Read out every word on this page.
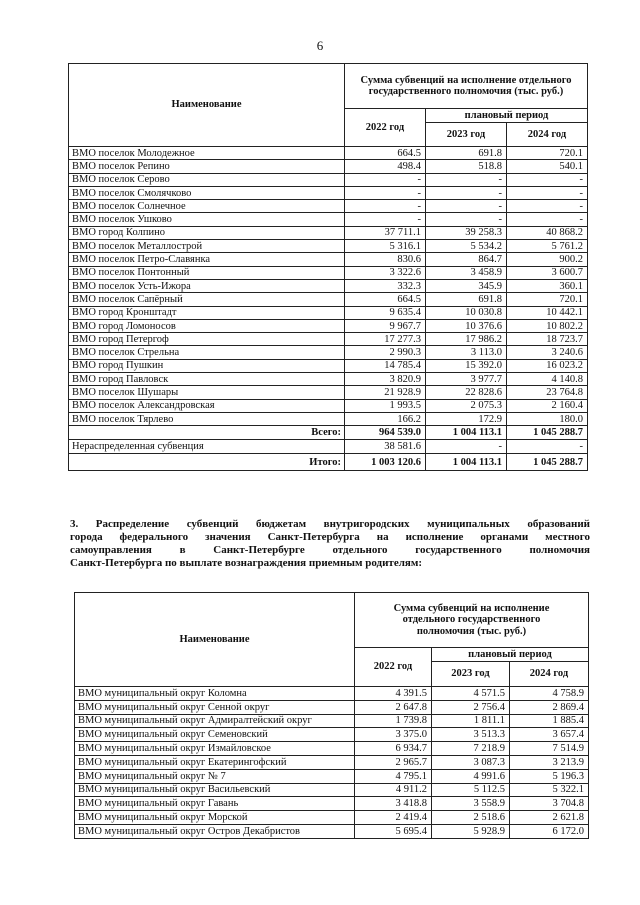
6
Наименование	Сумма субвенций на исполнение отдельного государственного полномочия (тыс. руб.)		
	2022 год	плановый период	
		2023 год	2024 год
ВМО поселок Молодежное	664.5	691.8	720.1
ВМО поселок Репино	498.4	518.8	540.1
ВМО поселок Серово	-	-	-
ВМО поселок Смолячково	-	-	-
ВМО поселок Солнечное	-	-	-
ВМО поселок Ушково	-	-	-
ВМО город Колпино	37 711.1	39 258.3	40 868.2
ВМО поселок Металлострой	5 316.1	5 534.2	5 761.2
ВМО поселок Петро-Славянка	830.6	864.7	900.2
ВМО поселок Понтонный	3 322.6	3 458.9	3 600.7
ВМО поселок Усть-Ижора	332.3	345.9	360.1
ВМО поселок Сапёрный	664.5	691.8	720.1
ВМО город Кронштадт	9 635.4	10 030.8	10 442.1
ВМО город Ломоносов	9 967.7	10 376.6	10 802.2
ВМО город Петергоф	17 277.3	17 986.2	18 723.7
ВМО поселок Стрельна	2 990.3	3 113.0	3 240.6
ВМО город Пушкин	14 785.4	15 392.0	16 023.2
ВМО город Павловск	3 820.9	3 977.7	4 140.8
ВМО поселок Шушары	21 928.9	22 828.6	23 764.8
ВМО поселок Александровская	1 993.5	2 075.3	2 160.4
ВМО поселок Тярлево	166.2	172.9	180.0
Всего:	964 539.0	1 004 113.1	1 045 288.7
Нераспределенная субвенция	38 581.6	-	-
Итого:	1 003 120.6	1 004 113.1	1 045 288.7
3. Распределение субвенций бюджетам внутригородских муниципальных образований
города федерального значения Санкт-Петербурга на исполнение органами местного
самоуправления в Санкт-Петербурге отдельного государственного полномочия
Санкт-Петербурга по выплате вознаграждения приемным родителям:
Наименование	Сумма субвенций на исполнение отдельного государственного полномочия (тыс. руб.)		
	2022 год	плановый период	
		2023 год	2024 год
ВМО муниципальный округ Коломна	4 391.5	4 571.5	4 758.9
ВМО муниципальный округ Сенной округ	2 647.8	2 756.4	2 869.4
ВМО муниципальный округ Адмиралтейский округ	1 739.8	1 811.1	1 885.4
ВМО муниципальный округ Семеновский	3 375.0	3 513.3	3 657.4
ВМО муниципальный округ Измайловское	6 934.7	7 218.9	7 514.9
ВМО муниципальный округ Екатерингофский	2 965.7	3 087.3	3 213.9
ВМО муниципальный округ № 7	4 795.1	4 991.6	5 196.3
ВМО муниципальный округ Васильевский	4 911.2	5 112.5	5 322.1
ВМО муниципальный округ Гавань	3 418.8	3 558.9	3 704.8
ВМО муниципальный округ Морской	2 419.4	2 518.6	2 621.8
ВМО муниципальный округ Остров Декабристов	5 695.4	5 928.9	6 172.0
